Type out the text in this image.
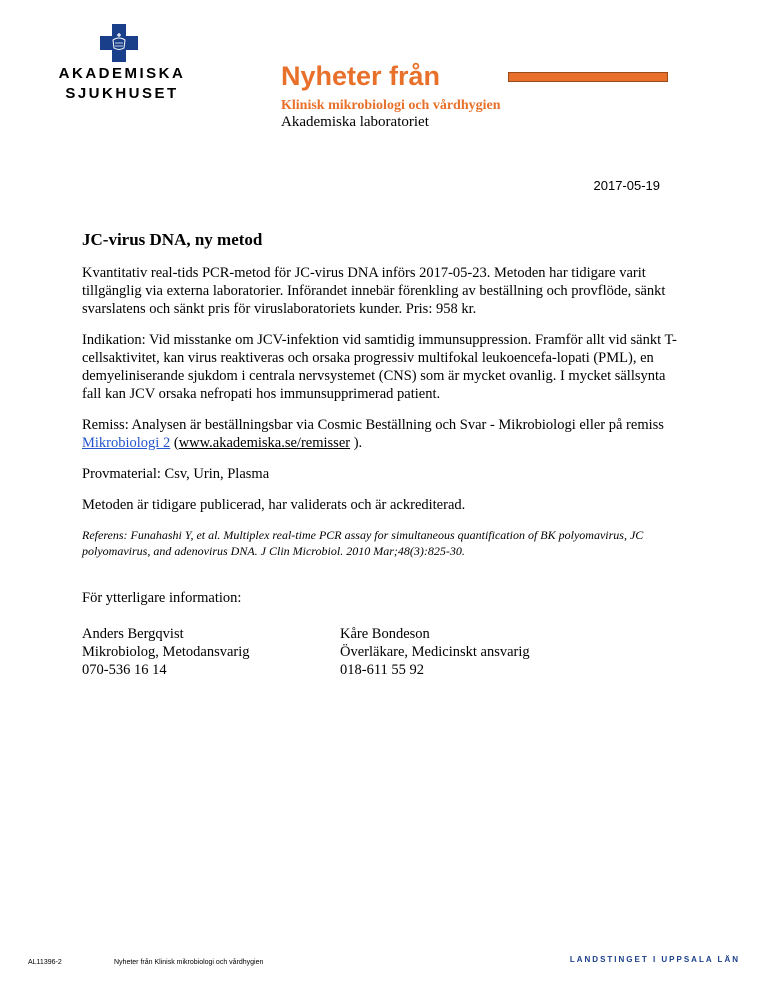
AKADEMISKA
SJUKHUSET
Nyheter från
Klinisk mikrobiologi och vårdhygien
Akademiska laboratoriet
2017-05-19
JC-virus DNA, ny metod

Kvantitativ real-tids PCR-metod för JC-virus DNA införs 2017-05-23. Metoden har tidigare varit tillgänglig via externa laboratorier. Införandet innebär förenkling av beställning och provflöde, sänkt svarslatens och sänkt pris för viruslaboratoriets kunder. Pris: 958 kr.

Indikation: Vid misstanke om JCV-infektion vid samtidig immunsuppression. Framför allt vid sänkt T-cellsaktivitet, kan virus reaktiveras och orsaka progressiv multifokal leukoencefa-lopati (PML), en demyeliniserande sjukdom i centrala nervsystemet (CNS) som är mycket ovanlig. I mycket sällsynta fall kan JCV orsaka nefropati hos immunsupprimerad patient.

Remiss: Analysen är beställningsbar via Cosmic Beställning och Svar - Mikrobiologi eller på remiss Mikrobiologi 2 (www.akademiska.se/remisser ).

Provmaterial: Csv, Urin, Plasma

Metoden är tidigare publicerad, har validerats och är ackrediterad.

Referens: Funahashi Y, et al. Multiplex real-time PCR assay for simultaneous quantification of BK polyomavirus, JC polyomavirus, and adenovirus DNA. J Clin Microbiol. 2010 Mar;48(3):825-30.

För ytterligare information:

Anders Bergqvist
Mikrobiolog, Metodansvarig
070-536 16 14
Kåre Bondeson
Överläkare, Medicinskt ansvarig
018-611 55 92
AL11396-2	Nyheter från Klinisk mikrobiologi och vårdhygien	LANDSTINGET I UPPSALA LÄN
